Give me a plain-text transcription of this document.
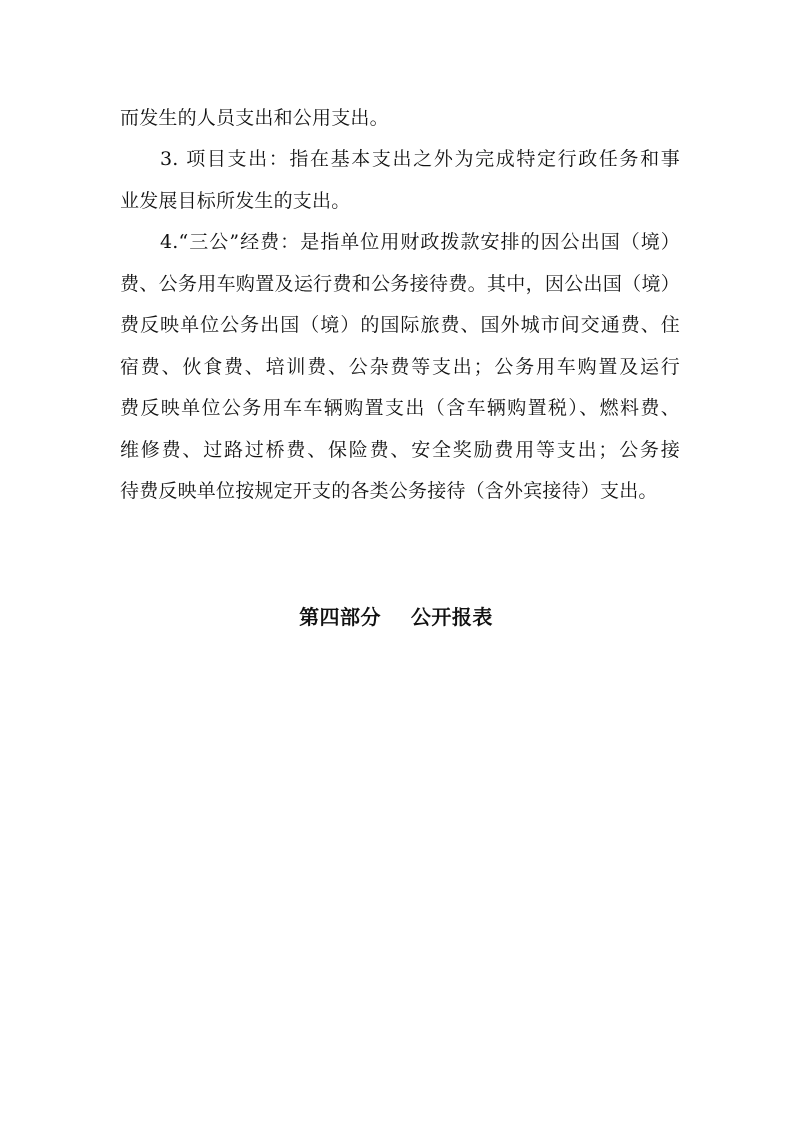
而发生的人员支出和公用支出。
3. 项目支出：指在基本支出之外为完成特定行政任务和事
业发展目标所发生的支出。
4.“三公”经费：是指单位用财政拨款安排的因公出国（境）
费、公务用车购置及运行费和公务接待费。其中，因公出国（境）
费反映单位公务出国（境）的国际旅费、国外城市间交通费、住
宿费、伙食费、培训费、公杂费等支出；公务用车购置及运行
费反映单位公务用车车辆购置支出（含车辆购置税）、燃料费、
维修费、过路过桥费、保险费、安全奖励费用等支出；公务接
待费反映单位按规定开支的各类公务接待（含外宾接待）支出。
第四部分    公开报表
